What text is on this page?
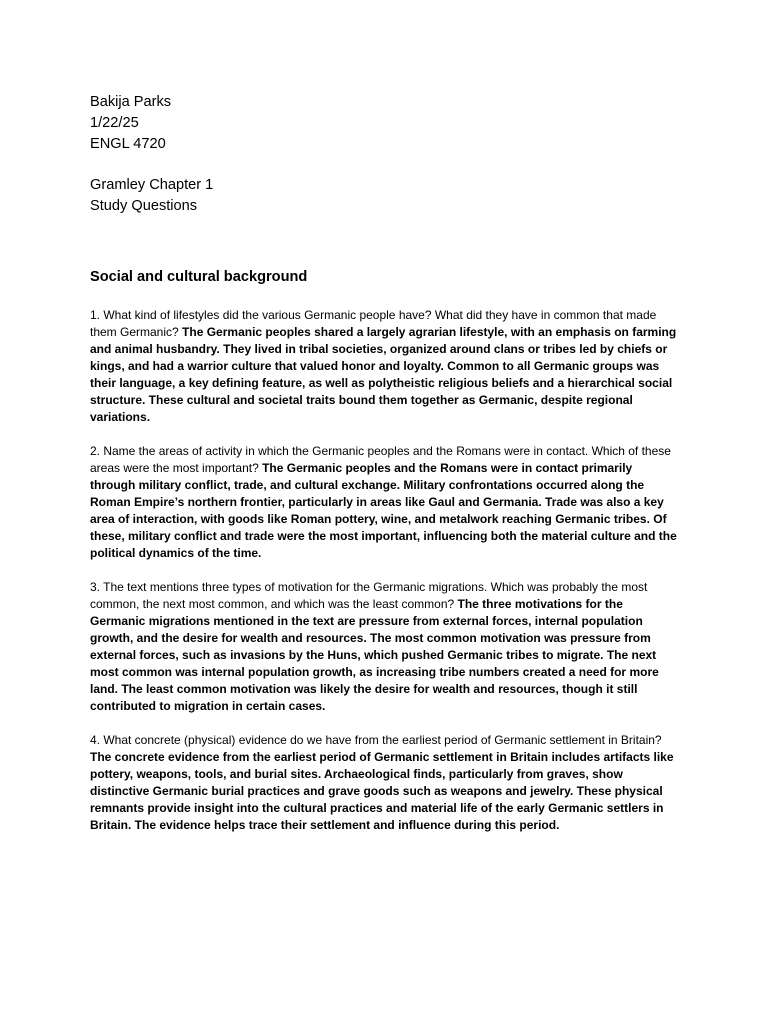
Bakija Parks

1/22/25

ENGL 4720

Gramley Chapter 1

Study Questions

Social and cultural background

1. What kind of lifestyles did the various Germanic people have? What did they have in common that made them Germanic? The Germanic peoples shared a largely agrarian lifestyle, with an emphasis on farming and animal husbandry. They lived in tribal societies, organized around clans or tribes led by chiefs or kings, and had a warrior culture that valued honor and loyalty. Common to all Germanic groups was their language, a key defining feature, as well as polytheistic religious beliefs and a hierarchical social structure. These cultural and societal traits bound them together as Germanic, despite regional variations.

2. Name the areas of activity in which the Germanic peoples and the Romans were in contact. Which of these areas were the most important? The Germanic peoples and the Romans were in contact primarily through military conflict, trade, and cultural exchange. Military confrontations occurred along the Roman Empire’s northern frontier, particularly in areas like Gaul and Germania. Trade was also a key area of interaction, with goods like Roman pottery, wine, and metalwork reaching Germanic tribes. Of these, military conflict and trade were the most important, influencing both the material culture and the political dynamics of the time.

3. The text mentions three types of motivation for the Germanic migrations. Which was probably the most common, the next most common, and which was the least common? The three motivations for the Germanic migrations mentioned in the text are pressure from external forces, internal population growth, and the desire for wealth and resources. The most common motivation was pressure from external forces, such as invasions by the Huns, which pushed Germanic tribes to migrate. The next most common was internal population growth, as increasing tribe numbers created a need for more land. The least common motivation was likely the desire for wealth and resources, though it still contributed to migration in certain cases.

4. What concrete (physical) evidence do we have from the earliest period of Germanic settlement in Britain? The concrete evidence from the earliest period of Germanic settlement in Britain includes artifacts like pottery, weapons, tools, and burial sites. Archaeological finds, particularly from graves, show distinctive Germanic burial practices and grave goods such as weapons and jewelry. These physical remnants provide insight into the cultural practices and material life of the early Germanic settlers in Britain. The evidence helps trace their settlement and influence during this period.
